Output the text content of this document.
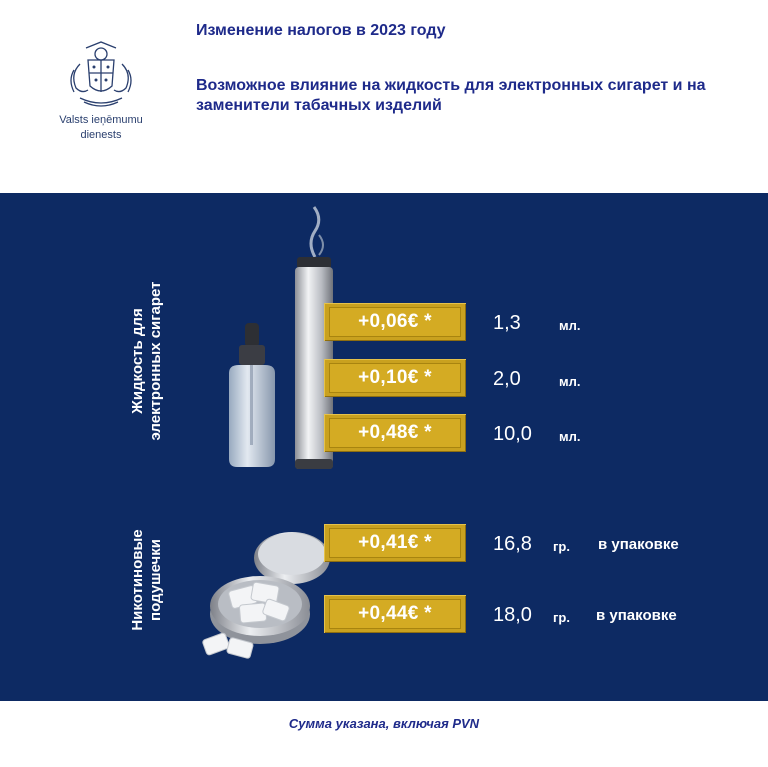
Valsts ieņēmumu
dienests
Изменение налогов в 2023 году
Возможное влияние на жидкость для электронных сигарет и на заменители табачных изделий
Жидкость для электронных сигарет
Никотиновые подушечки
+0,06€ *	1,3	мл.
+0,10€ *	2,0	мл.
+0,48€ *	10,0 мл.
+0,41€ *	16,8 гр. в упаковке
+0,44€ *	18,0 гр. в упаковке
Сумма указана, включая PVN
